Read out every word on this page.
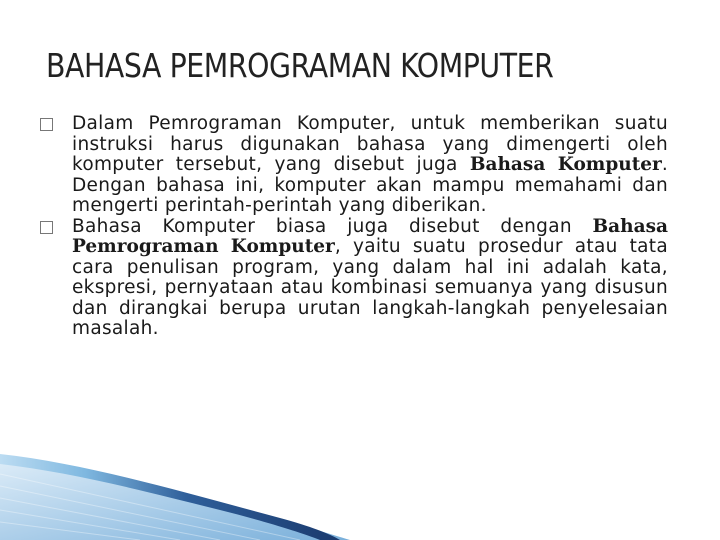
BAHASA PEMROGRAMAN KOMPUTER
Dalam Pemrograman Komputer, untuk memberikan suatu instruksi harus digunakan bahasa yang dimengerti oleh komputer tersebut, yang disebut juga Bahasa Komputer. Dengan bahasa ini, komputer akan mampu memahami dan mengerti perintah-perintah yang diberikan.
Bahasa Komputer biasa juga disebut dengan Bahasa Pemrograman Komputer, yaitu suatu prosedur atau tata cara penulisan program, yang dalam hal ini adalah kata, ekspresi, pernyataan atau kombinasi semuanya yang disusun dan dirangkai berupa urutan langkah-langkah penyelesaian masalah.
